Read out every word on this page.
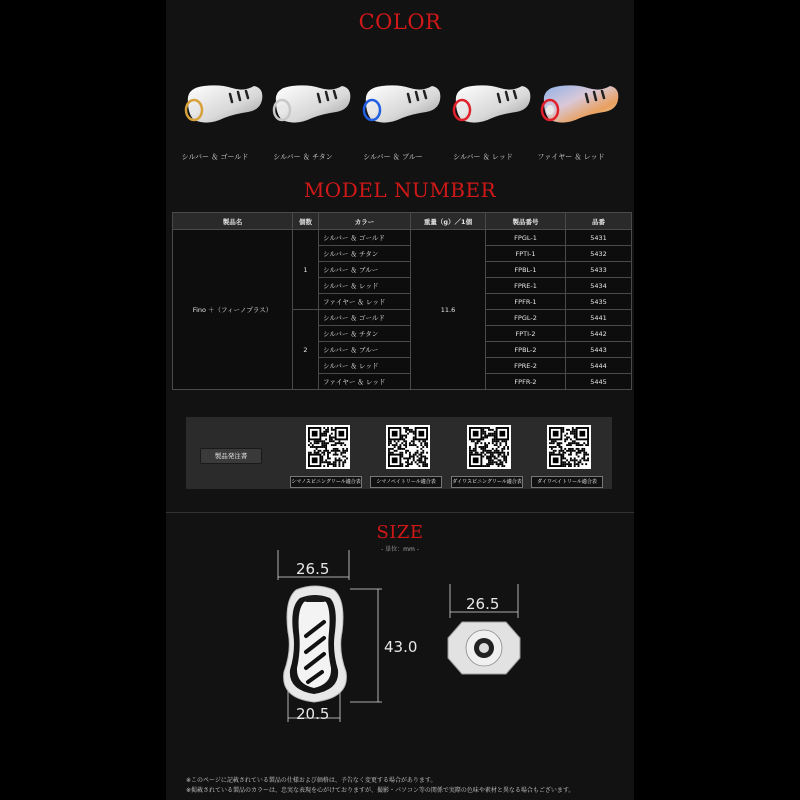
COLOR
シルバー ＆ ゴールド	シルバー ＆ チタン	シルバー ＆ ブルー	シルバー ＆ レッド	ファイヤー ＆ レッド
MODEL NUMBER
製品名	個数	カラー	重量（g）／1個	製品番号	品番
Fino ＋（フィーノプラス）	1	シルバー ＆ ゴールド	11.6	FPGL-1	5431
		シルバー ＆ チタン		FPTI-1	5432
		シルバー ＆ ブルー		FPBL-1	5433
		シルバー ＆ レッド		FPRE-1	5434
		ファイヤー ＆ レッド		FPFR-1	5435
	2	シルバー ＆ ゴールド		FPGL-2	5441
		シルバー ＆ チタン		FPTI-2	5442
		シルバー ＆ ブルー		FPBL-2	5443
		シルバー ＆ レッド		FPRE-2	5444
		ファイヤー ＆ レッド		FPFR-2	5445
製品発注書
シマノスピニングリール適合表	シマノベイトリール適合表	ダイワスピニングリール適合表	ダイワベイトリール適合表
SIZE
- 単位：mm -
26.5
43.0
20.5
26.5
※このページに記載されている製品の仕様および価格は、予告なく変更する場合があります。
※掲載されている製品のカラーは、忠実な表現を心がけておりますが、撮影・パソコン等の関係で実際の色味や素材と異なる場合もございます。
